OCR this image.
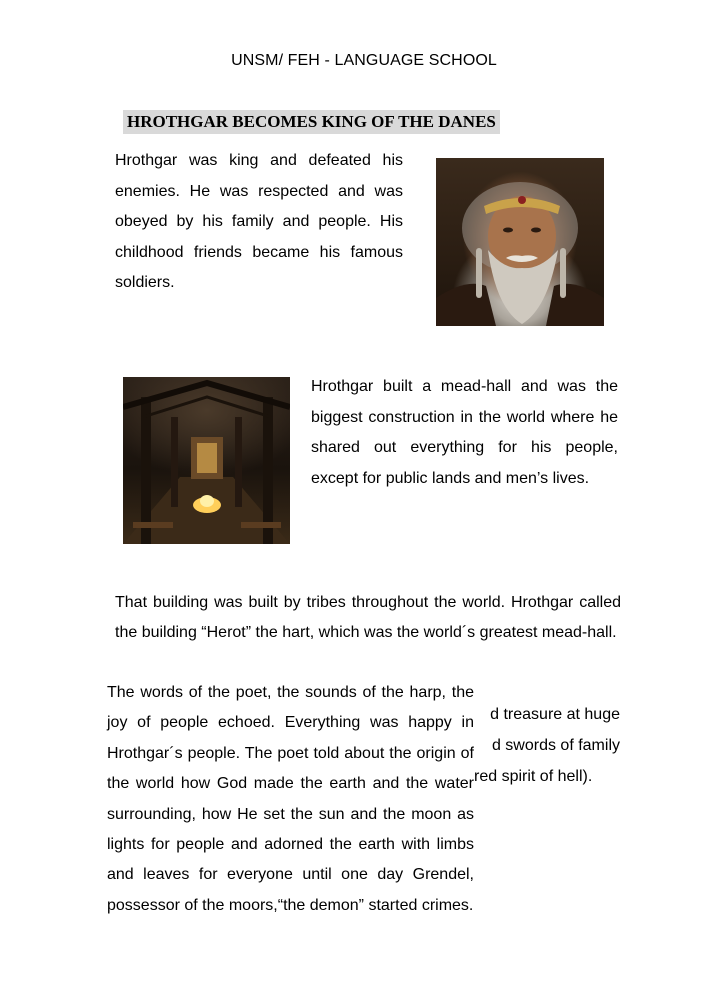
UNSM/ FEH - LANGUAGE SCHOOL
HROTHGAR BECOMES KING OF THE DANES
Hrothgar was king and defeated his enemies. He was respected and was obeyed by his family and people. His childhood friends became his famous soldiers.
Hrothgar built a mead-hall and was the biggest construction in the world where he shared out everything for his people, except for public lands and men’s lives.
That building was built by tribes throughout the world. Hrothgar called the building “Herot” the hart, which was the world´s greatest mead-hall.
The words of the poet, the sounds of the harp, the joy of people echoed. Everything was happy in Hrothgar´s people. The poet told about the origin of the world how God made the earth and the water surrounding, how He set the sun and the moon as lights for people and adorned the earth with limbs and leaves for everyone until one day Grendel, possessor of the moors,“the demon” started crimes.
d treasure at huge
d swords of family
red spirit of hell).
